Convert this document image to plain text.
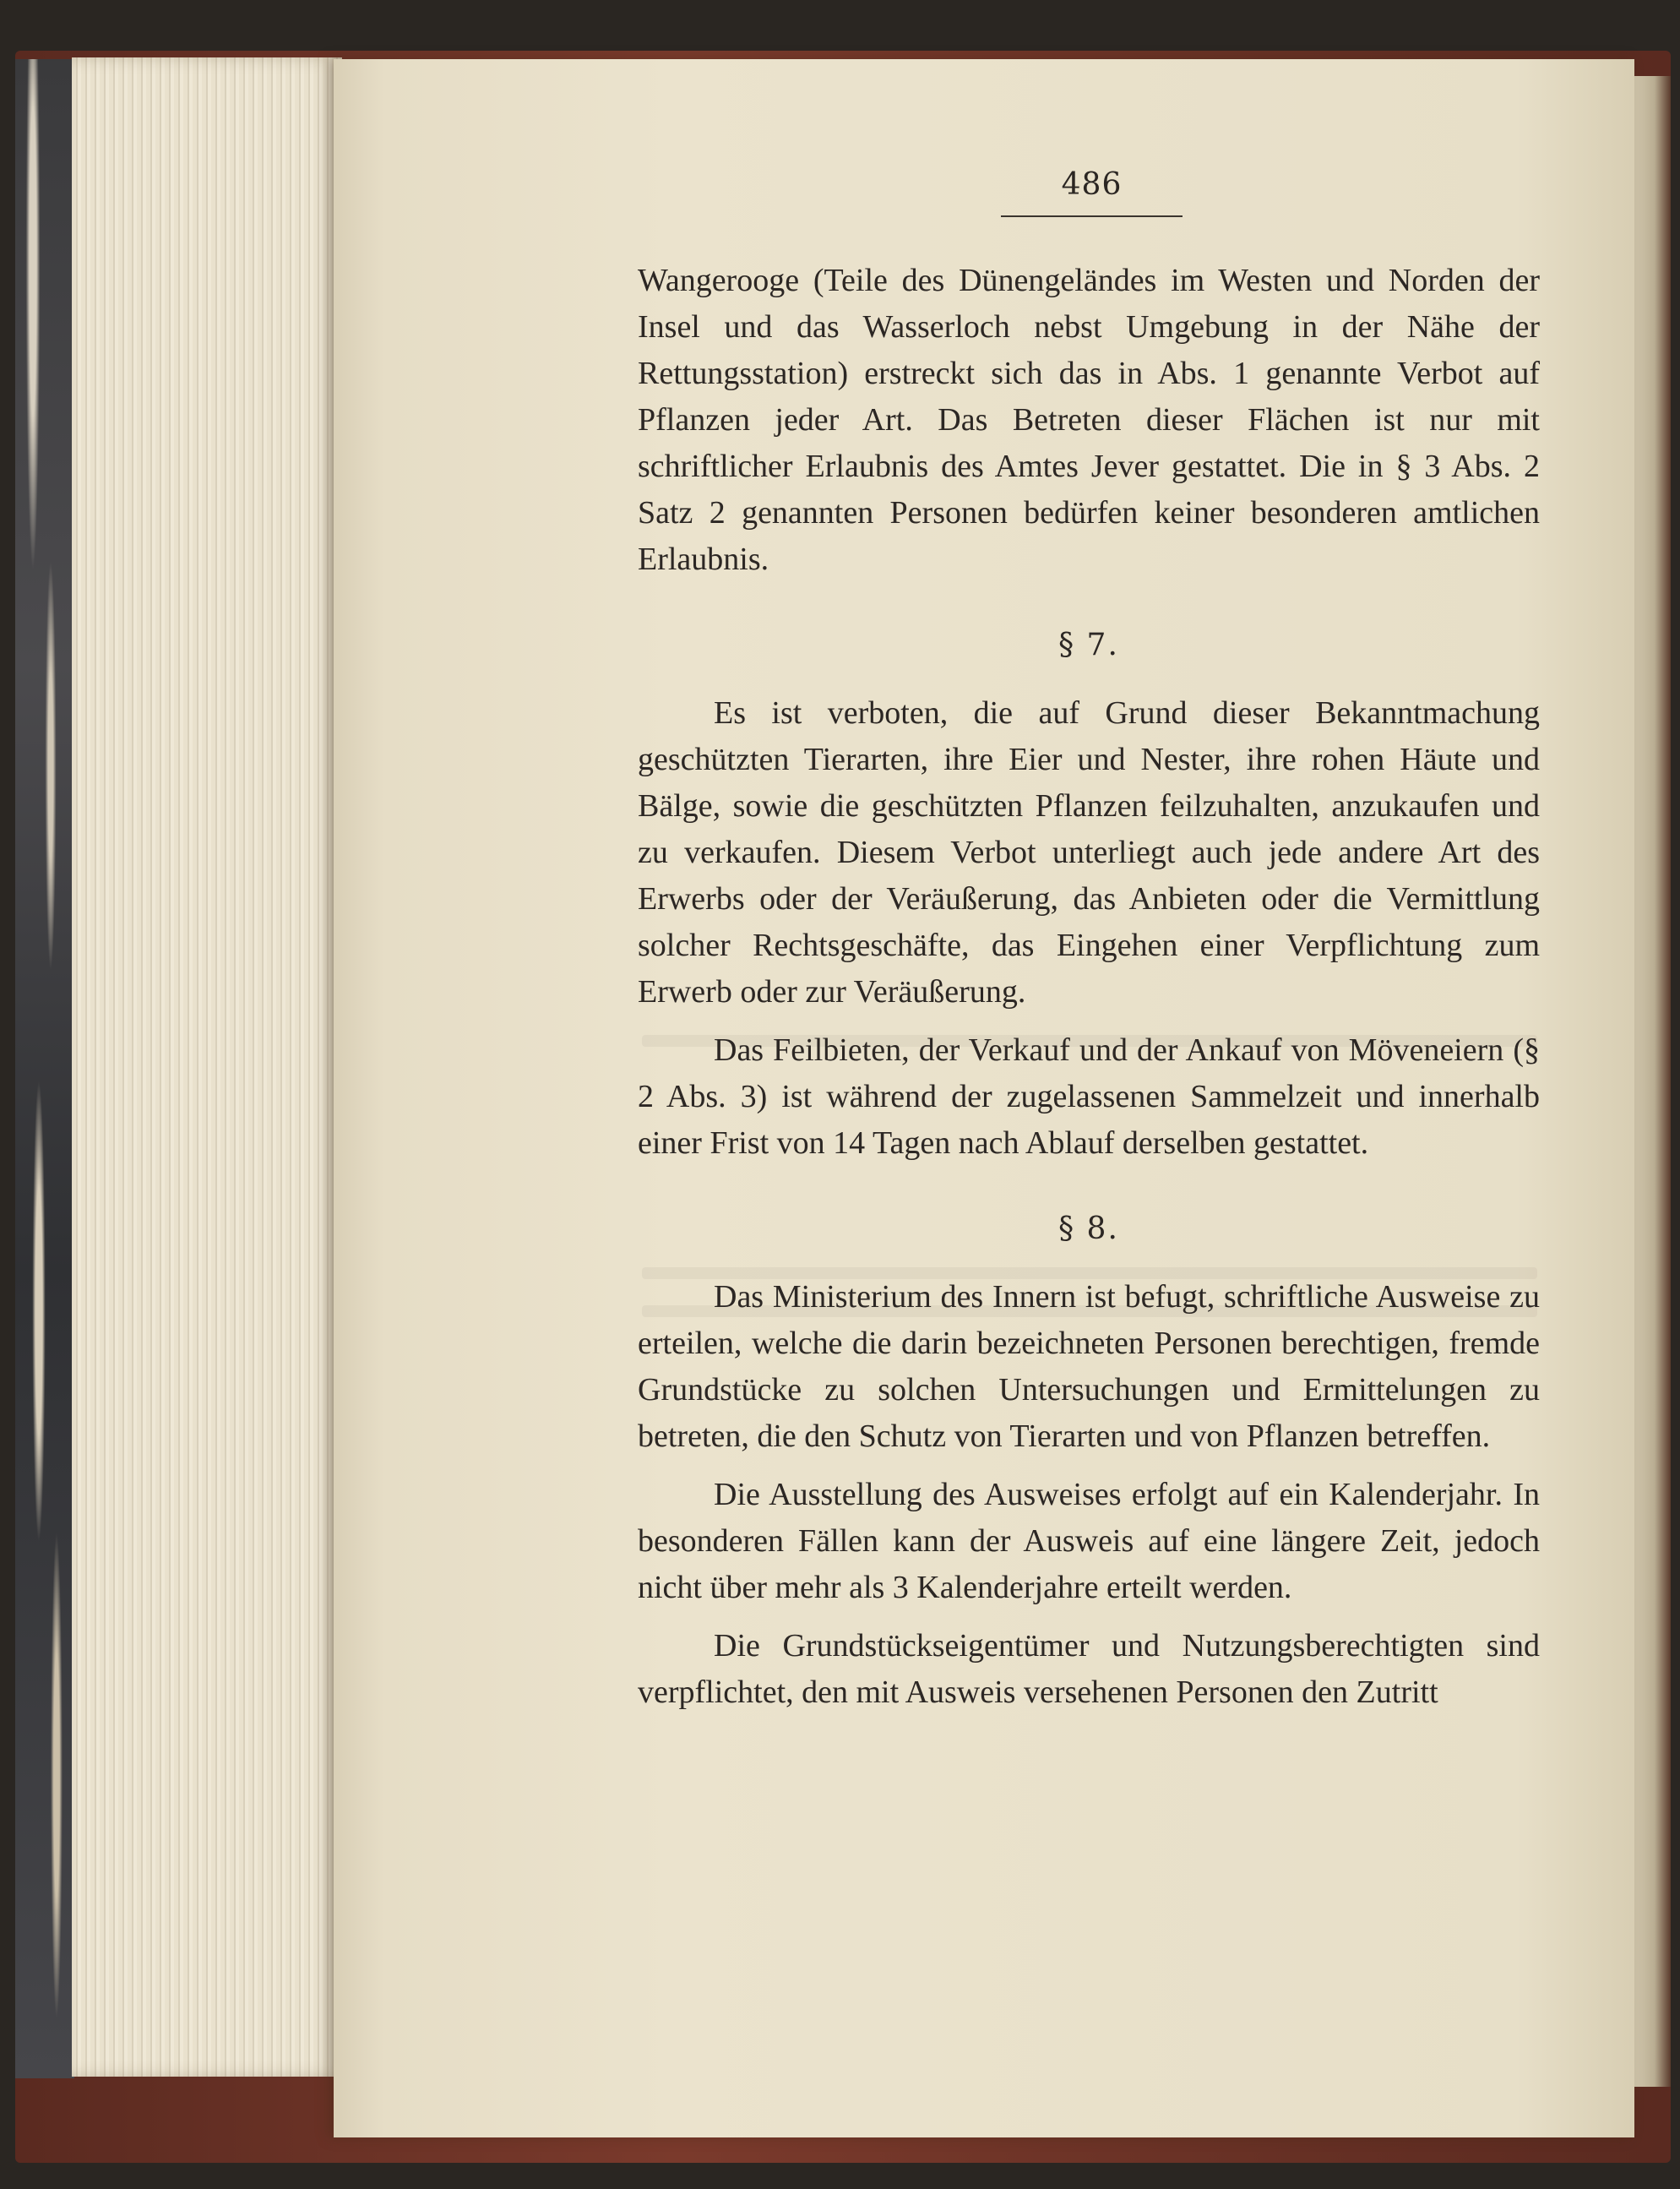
486

Wangerooge (Teile des Dünengeländes im Westen und Norden der Insel und das Wasserloch nebst Umgebung in der Nähe der Rettungsstation) erstreckt sich das in Abs. 1 genannte Verbot auf Pflanzen jeder Art. Das Betreten dieser Flächen ist nur mit schriftlicher Erlaubnis des Amtes Jever gestattet. Die in § 3 Abs. 2 Satz 2 genannten Personen bedürfen keiner besonderen amtlichen Erlaubnis.

§ 7.

Es ist verboten, die auf Grund dieser Bekanntmachung geschützten Tierarten, ihre Eier und Nester, ihre rohen Häute und Bälge, sowie die geschützten Pflanzen feilzuhalten, anzukaufen und zu verkaufen. Diesem Verbot unterliegt auch jede andere Art des Erwerbs oder der Veräußerung, das Anbieten oder die Vermittlung solcher Rechtsgeschäfte, das Eingehen einer Verpflichtung zum Erwerb oder zur Veräußerung.

Das Feilbieten, der Verkauf und der Ankauf von Möveneiern (§ 2 Abs. 3) ist während der zugelassenen Sammelzeit und innerhalb einer Frist von 14 Tagen nach Ablauf derselben gestattet.

§ 8.

Das Ministerium des Innern ist befugt, schriftliche Ausweise zu erteilen, welche die darin bezeichneten Personen berechtigen, fremde Grundstücke zu solchen Untersuchungen und Ermittelungen zu betreten, die den Schutz von Tierarten und von Pflanzen betreffen.

Die Ausstellung des Ausweises erfolgt auf ein Kalenderjahr. In besonderen Fällen kann der Ausweis auf eine längere Zeit, jedoch nicht über mehr als 3 Kalenderjahre erteilt werden.

Die Grundstückseigentümer und Nutzungsberechtigten sind verpflichtet, den mit Ausweis versehenen Personen den Zutritt
